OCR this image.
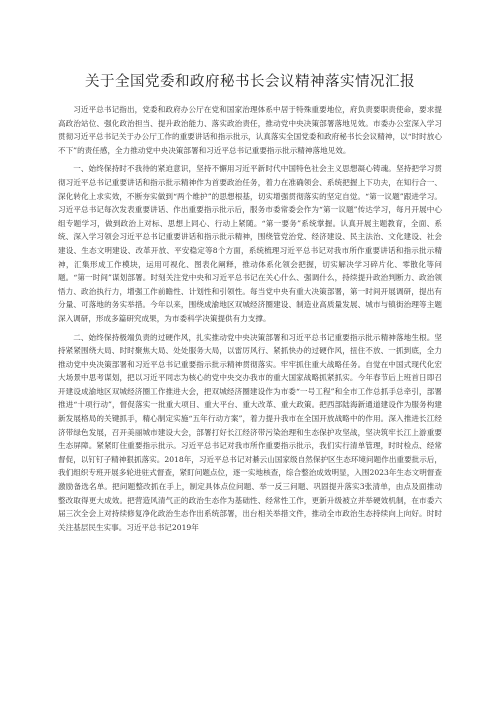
关于全国党委和政府秘书长会议精神落实情况汇报

习近平总书记指出，党委和政府办公厅在党和国家治理体系中居于特殊重要地位，府负责要职责使命，要求提高政治站位、强化政治担当、提升政治能力、落实政治责任，推动党中央决策部署落地见效。市委办公室深入学习贯彻习近平总书记关于办公厅工作的重要讲话和指示批示，认真落实全国党委和政府秘书长会议精神，以“时时放心不下”的责任感，全力推动党中央决策部署和习近平总书记重要指示批示精神落地见效。

一、始终保持时不我待的紧迫意识，坚持不懈用习近平新时代中国特色社会主义思想凝心铸魂。坚持把学习贯彻习近平总书记重要讲话和指示批示精神作为首要政治任务，着力在准确领会、系统把握上下功夫，在知行合一、深化转化上求实效，不断夯实做到“两个维护”的思想根基，切实增强贯彻落实的坚定自觉。“第一议题”跟进学习。习近平总书记每次发表重要讲话、作出重要指示批示后，服务市委常委会作为“第一议题”传达学习，每月开展中心组专题学习，做到政治上对标、思想上同心、行动上紧随。“第一要务”系统掌握。认真开展主题教育，全面、系统、深入学习领会习近平总书记重要讲话和指示批示精神，围绕管党治党、经济建设、民主法治、文化建设、社会建设、生态文明建设、改革开放、平安稳定等8个方面，系统梳理习近平总书记对我市所作重要讲话和指示批示精神，汇集形成工作模块，运用可视化、图表化阐释，推动体系化领会把握，切实解决学习碎片化、零散化等问题。“第一时间”谋划部署。时刻关注党中央和习近平总书记在关心什么、强调什么，持续提升政治判断力、政治领悟力、政治执行力，增强工作前瞻性、计划性和引领性。每当党中央有重大决策部署，第一时间开展调研，提出有分量、可落地的务实举措。今年以来，围绕成渝地区双城经济圈建设、制造业高质量发展、城市与镇街治理等主题深入调研，形成多篇研究成果，为市委科学决策提供有力支撑。

二、始终保持极端负责的过硬作风，扎实推动党中央决策部署和习近平总书记重要指示批示精神落地生根。坚持紧紧围绕大局、时时聚焦大局、处处服务大局，以雷厉风行、紧抓快办的过硬作风，扭住不放、一抓到底，全力推动党中央决策部署和习近平总书记重要指示批示精神贯彻落实。牢牢抓住重大战略任务。自觉在中国式现代化宏大场景中思考谋划，把以习近平同志为核心的党中央交办我市的重大国家战略抓紧抓实。今年春节后上班首日即召开建设成渝地区双城经济圈工作推进大会，把双城经济圈建设作为市委“一号工程”和全市工作总抓手总牵引，部署推进“十项行动”，督促落实一批重大项目、重大平台、重大改革、重大政策。把西部陆海新通道建设作为服务构建新发展格局的关键抓手，精心制定实施“五年行动方案”，着力提升我市在全国开放战略中的作用。深入推进长江经济带绿色发展，召开美丽城市建设大会，部署打好长江经济带污染治理和生态保护攻坚战，坚决筑牢长江上游重要生态屏障。紧紧盯住重要指示批示。习近平总书记对我市所作重要指示批示，我们实行清单管理，时时检点、经常督促，以钉钉子精神狠抓落实。2018年，习近平总书记对綦云山国家级自然保护区生态环境问题作出重要批示后，我们组织专班开展多轮进驻式督查，紧盯问题点位，逐一实地核查，综合整治成效明显，入围2023年生态文明督查激励备选名单。把问题整改抓在手上，制定具体点位问题、举一反三问题、巩固提升落实3张清单，由点及面推动整改取得更大成效。把营造风清气正的政治生态作为基础性、经常性工作，更新升级被立并举硬效机制，在市委六届三次全会上对持续修复净化政治生态作出系统部署，出台相关举措文件，推动全市政治生态持续向上向好。时时关注基层民生实事。习近平总书记2019年
